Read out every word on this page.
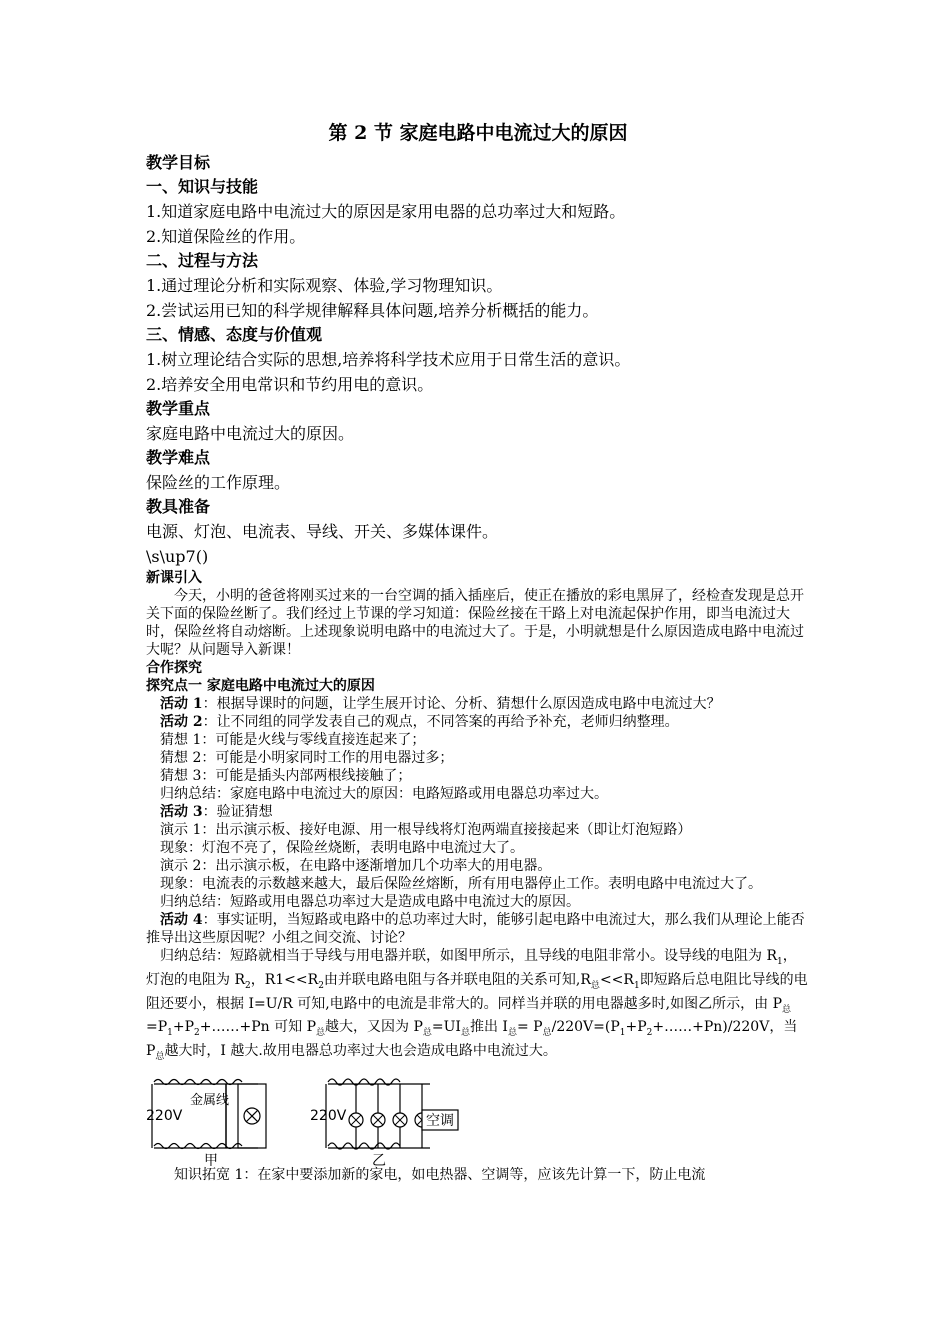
第 2 节 家庭电路中电流过大的原因
教学目标
一、知识与技能
1.知道家庭电路中电流过大的原因是家用电器的总功率过大和短路。
2.知道保险丝的作用。
二、过程与方法
1.通过理论分析和实际观察、体验,学习物理知识。
2.尝试运用已知的科学规律解释具体问题,培养分析概括的能力。
三、情感、态度与价值观
1.树立理论结合实际的思想,培养将科学技术应用于日常生活的意识。
2.培养安全用电常识和节约用电的意识。
教学重点
家庭电路中电流过大的原因。
教学难点
保险丝的工作原理。
教具准备
电源、灯泡、电流表、导线、开关、多媒体课件。
\s\up7()
新课引入
今天，小明的爸爸将刚买过来的一台空调的插入插座后，使正在播放的彩电黑屏了，经检查发现是总开关下面的保险丝断了。我们经过上节课的学习知道：保险丝接在干路上对电流起保护作用，即当电流过大时，保险丝将自动熔断。上述现象说明电路中的电流过大了。于是，小明就想是什么原因造成电路中电流过大呢？从问题导入新课！
合作探究
探究点一 家庭电路中电流过大的原因
活动 1：根据导课时的问题，让学生展开讨论、分析、猜想什么原因造成电路中电流过大？
活动 2：让不同组的同学发表自己的观点，不同答案的再给予补充，老师归纳整理。
猜想 1：可能是火线与零线直接连起来了；
猜想 2：可能是小明家同时工作的用电器过多；
猜想 3：可能是插头内部两根线接触了；
归纳总结：家庭电路中电流过大的原因：电路短路或用电器总功率过大。
活动 3：验证猜想
演示 1：出示演示板、接好电源、用一根导线将灯泡两端直接接起来（即让灯泡短路）
现象：灯泡不亮了，保险丝烧断，表明电路中电流过大了。
演示 2：出示演示板，在电路中逐渐增加几个功率大的用电器。
现象：电流表的示数越来越大，最后保险丝熔断，所有用电器停止工作。表明电路中电流过大了。
归纳总结：短路或用电器总功率过大是造成电路中电流过大的原因。
活动 4：事实证明，当短路或电路中的总功率过大时，能够引起电路中电流过大，那么我们从理论上能否推导出这些原因呢？小组之间交流、讨论？
归纳总结：短路就相当于导线与用电器并联，如图甲所示，且导线的电阻非常小。设导线的电阻为 $R_1$，灯泡的电阻为 $R_2$，$R1<<R_2$由并联电路电阻与各并联电阻的关系可知$,R_总<<R_1$即短路后总电阻比导线的电阻还要小，根据 I=U/R 可知,电路中的电流是非常大的。同样当并联的用电器越多时,如图乙所示，由 $P_总=P_1+P_2+\dots\dots+Pn$ 可知 $P_总$越大，又因为 $P_总=UI_总$推出 $I_总=$ $P_总/220V=(P_1+P_2+\dots\dots+Pn)/220V$，当 $P_总$越大时，I 越大.故用电器总功率过大也会造成电路中电流过大。
220V
金属线
甲
220V	空调
乙
知识拓宽 1：在家中要添加新的家电，如电热器、空调等，应该先计算一下，防止电流
